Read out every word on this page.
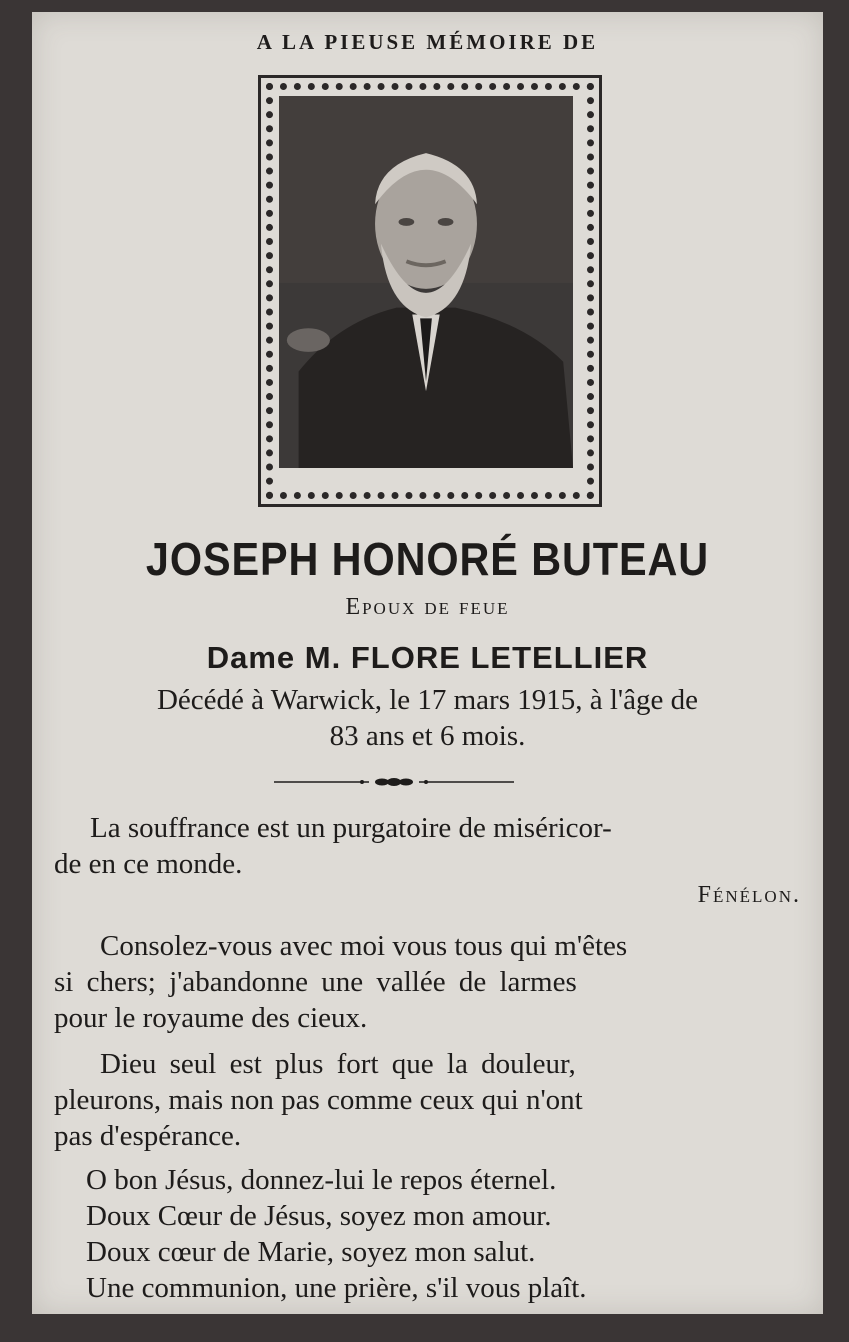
A LA PIEUSE MÉMOIRE DE
JOSEPH HONORÉ BUTEAU
Epoux de feue
Dame M. FLORE LETELLIER
Décédé à Warwick, le 17 mars 1915, à l'âge de
83 ans et 6 mois.
La souffrance est un purgatoire de miséricor-
de en ce monde.
Fénélon.
Consolez-vous avec moi vous tous qui m'êtes
si chers; j'abandonne une vallée de larmes
pour le royaume des cieux.
Dieu seul est plus fort que la douleur,
pleurons, mais non pas comme ceux qui n'ont
pas d'espérance.
O bon Jésus, donnez-lui le repos éternel.
Doux Cœur de Jésus, soyez mon amour.
Doux cœur de Marie, soyez mon salut.
Une communion, une prière, s'il vous plaît.
